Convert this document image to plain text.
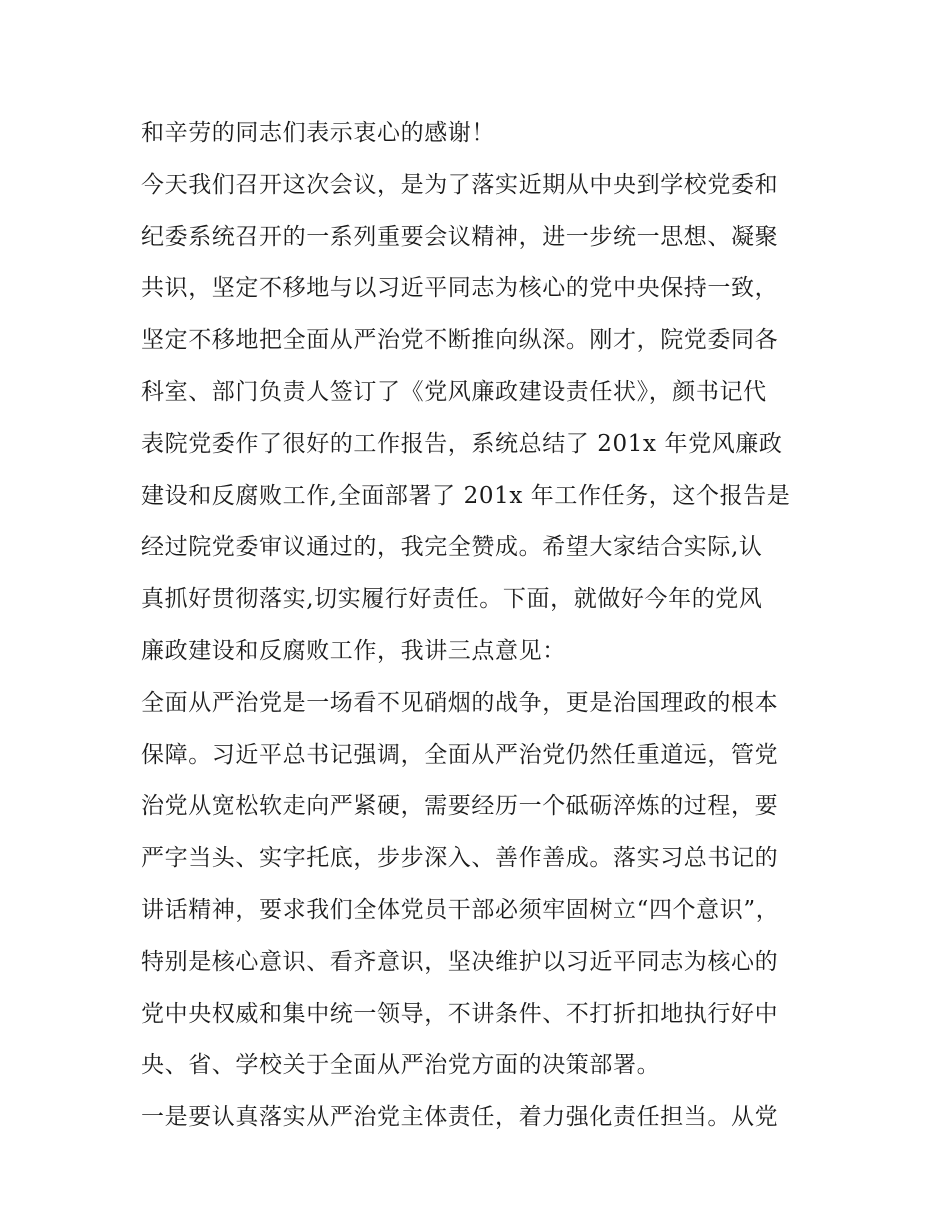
和辛劳的同志们表示衷心的感谢！
今天我们召开这次会议，是为了落实近期从中央到学校党委和
纪委系统召开的一系列重要会议精神，进一步统一思想、凝聚
共识，坚定不移地与以习近平同志为核心的党中央保持一致，
坚定不移地把全面从严治党不断推向纵深。刚才，院党委同各
科室、部门负责人签订了《党风廉政建设责任状》，颜书记代
表院党委作了很好的工作报告，系统总结了 201x 年党风廉政
建设和反腐败工作,全面部署了 201x 年工作任务，这个报告是
经过院党委审议通过的，我完全赞成。希望大家结合实际,认
真抓好贯彻落实,切实履行好责任。下面，就做好今年的党风
廉政建设和反腐败工作，我讲三点意见：
全面从严治党是一场看不见硝烟的战争，更是治国理政的根本
保障。习近平总书记强调，全面从严治党仍然任重道远，管党
治党从宽松软走向严紧硬，需要经历一个砥砺淬炼的过程，要
严字当头、实字托底，步步深入、善作善成。落实习总书记的
讲话精神，要求我们全体党员干部必须牢固树立“四个意识”，
特别是核心意识、看齐意识，坚决维护以习近平同志为核心的
党中央权威和集中统一领导，不讲条件、不打折扣地执行好中
央、省、学校关于全面从严治党方面的决策部署。
一是要认真落实从严治党主体责任，着力强化责任担当。从党
